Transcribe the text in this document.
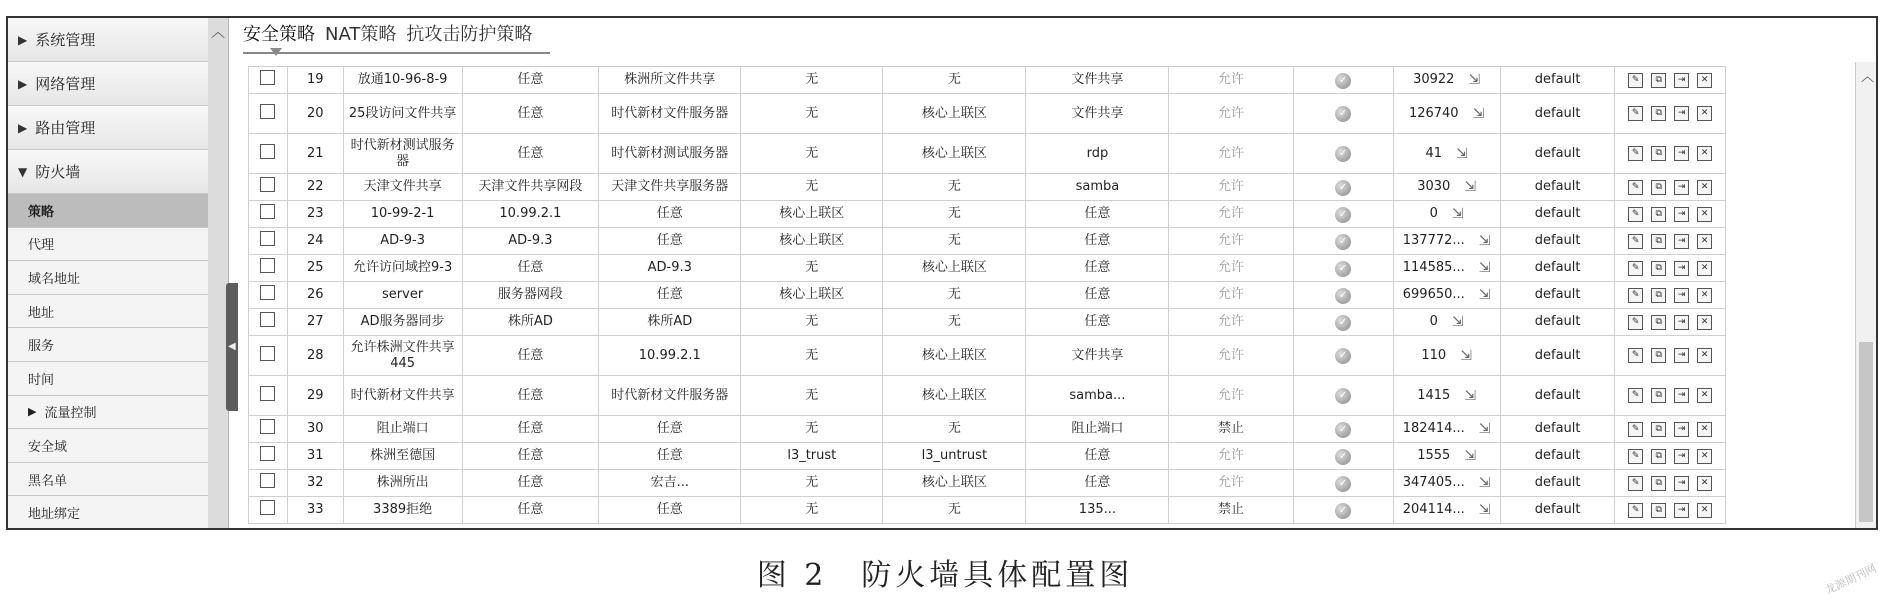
▶ 系统管理
▶ 网络管理
▶ 路由管理
▼ 防火墙
策略
代理
域名地址
地址
服务
时间
▶ 流量控制
安全域
黑名单
地址绑定
︿
◀
安全策略 NAT策略 抗攻击防护策略
	19	放通10-96-8-9	任意	株洲所文件共享	无	无	文件共享	允许	✓	30922 ⇲	default	✎ ⧉ ⇥ ✕

	20	25段访问文件共享	任意	时代新材文件服务器	无	核心上联区	文件共享	允许	✓	126740 ⇲	default	✎ ⧉ ⇥ ✕

	21	时代新材测试服务器	任意	时代新材测试服务器	无	核心上联区	rdp	允许	✓	41 ⇲	default	✎ ⧉ ⇥ ✕

	22	天津文件共享	天津文件共享网段	天津文件共享服务器	无	无	samba	允许	✓	3030 ⇲	default	✎ ⧉ ⇥ ✕

	23	10-99-2-1	10.99.2.1	任意	核心上联区	无	任意	允许	✓	0 ⇲	default	✎ ⧉ ⇥ ✕

	24	AD-9-3	AD-9.3	任意	核心上联区	无	任意	允许	✓	137772... ⇲	default	✎ ⧉ ⇥ ✕

	25	允许访问域控9-3	任意	AD-9.3	无	核心上联区	任意	允许	✓	114585... ⇲	default	✎ ⧉ ⇥ ✕

	26	server	服务器网段	任意	核心上联区	无	任意	允许	✓	699650... ⇲	default	✎ ⧉ ⇥ ✕

	27	AD服务器同步	株所AD	株所AD	无	无	任意	允许	✓	0 ⇲	default	✎ ⧉ ⇥ ✕

	28	允许株洲文件共享445	任意	10.99.2.1	无	核心上联区	文件共享	允许	✓	110 ⇲	default	✎ ⧉ ⇥ ✕

	29	时代新材文件共享	任意	时代新材文件服务器	无	核心上联区	samba...	允许	✓	1415 ⇲	default	✎ ⧉ ⇥ ✕

	30	阻止端口	任意	任意	无	无	阻止端口	禁止	✓	182414... ⇲	default	✎ ⧉ ⇥ ✕

	31	株洲至德国	任意	任意	l3_trust	l3_untrust	任意	允许	✓	1555 ⇲	default	✎ ⧉ ⇥ ✕

	32	株洲所出	任意	宏吉...	无	核心上联区	任意	允许	✓	347405... ⇲	default	✎ ⧉ ⇥ ✕

	33	3389拒绝	任意	任意	无	无	135...	禁止	✓	204114... ⇲	default	✎ ⧉ ⇥ ✕
︿
图 2　防火墙具体配置图	龙源期刊网
